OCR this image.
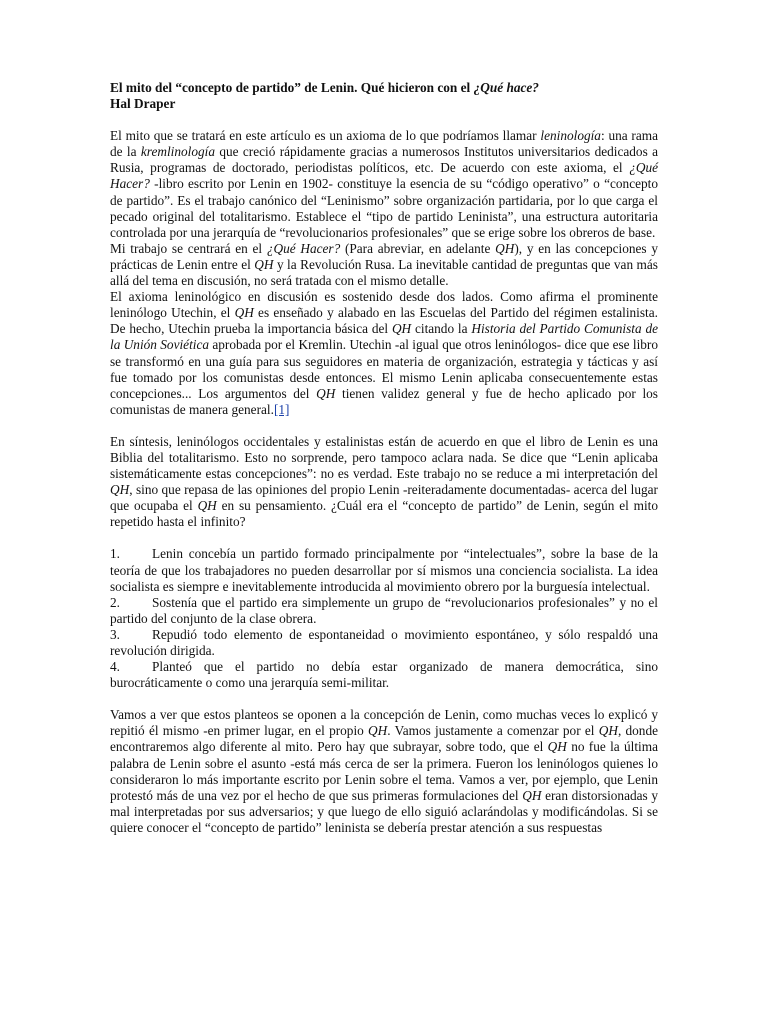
El mito del “concepto de partido” de Lenin. Qué hicieron con el ¿Qué hace?

Hal Draper

El mito que se tratará en este artículo es un axioma de lo que podríamos llamar leninología: una rama de la kremlinología que creció rápidamente gracias a numerosos Institutos universitarios dedicados a Rusia, programas de doctorado, periodistas políticos, etc. De acuerdo con este axioma, el ¿Qué Hacer? -libro escrito por Lenin en 1902- constituye la esencia de su “código operativo” o “concepto de partido”. Es el trabajo canónico del “Leninismo” sobre organización partidaria, por lo que carga el pecado original del totalitarismo. Establece el “tipo de partido Leninista”, una estructura autoritaria controlada por una jerarquía de “revolucionarios profesionales” que se erige sobre los obreros de base.

Mi trabajo se centrará en el ¿Qué Hacer? (Para abreviar, en adelante QH), y en las concepciones y prácticas de Lenin entre el QH y la Revolución Rusa. La inevitable cantidad de preguntas que van más allá del tema en discusión, no será tratada con el mismo detalle.

El axioma leninológico en discusión es sostenido desde dos lados. Como afirma el prominente leninólogo Utechin, el QH es enseñado y alabado en las Escuelas del Partido del régimen estalinista. De hecho, Utechin prueba la importancia básica del QH citando la Historia del Partido Comunista de la Unión Soviética aprobada por el Kremlin. Utechin -al igual que otros leninólogos- dice que ese libro se transformó en una guía para sus seguidores en materia de organización, estrategia y tácticas y así fue tomado por los comunistas desde entonces. El mismo Lenin aplicaba consecuentemente estas concepciones... Los argumentos del QH tienen validez general y fue de hecho aplicado por los comunistas de manera general.[1]

En síntesis, leninólogos occidentales y estalinistas están de acuerdo en que el libro de Lenin es una Biblia del totalitarismo. Esto no sorprende, pero tampoco aclara nada. Se dice que “Lenin aplicaba sistemáticamente estas concepciones”: no es verdad. Este trabajo no se reduce a mi interpretación del QH, sino que repasa de las opiniones del propio Lenin -reiteradamente documentadas- acerca del lugar que ocupaba el QH en su pensamiento. ¿Cuál era el “concepto de partido” de Lenin, según el mito repetido hasta el infinito?

1. Lenin concebía un partido formado principalmente por “intelectuales”, sobre la base de la teoría de que los trabajadores no pueden desarrollar por sí mismos una conciencia socialista. La idea socialista es siempre e inevitablemente introducida al movimiento obrero por la burguesía intelectual.

2. Sostenía que el partido era simplemente un grupo de “revolucionarios profesionales” y no el partido del conjunto de la clase obrera.

3. Repudió todo elemento de espontaneidad o movimiento espontáneo, y sólo respaldó una revolución dirigida.

4. Planteó que el partido no debía estar organizado de manera democrática, sino burocráticamente o como una jerarquía semi-militar.

Vamos a ver que estos planteos se oponen a la concepción de Lenin, como muchas veces lo explicó y repitió él mismo -en primer lugar, en el propio QH. Vamos justamente a comenzar por el QH, donde encontraremos algo diferente al mito. Pero hay que subrayar, sobre todo, que el QH no fue la última palabra de Lenin sobre el asunto -está más cerca de ser la primera. Fueron los leninólogos quienes lo consideraron lo más importante escrito por Lenin sobre el tema. Vamos a ver, por ejemplo, que Lenin protestó más de una vez por el hecho de que sus primeras formulaciones del QH eran distorsionadas y mal interpretadas por sus adversarios; y que luego de ello siguió aclarándolas y modificándolas. Si se quiere conocer el “concepto de partido” leninista se debería prestar atención a sus respuestas
